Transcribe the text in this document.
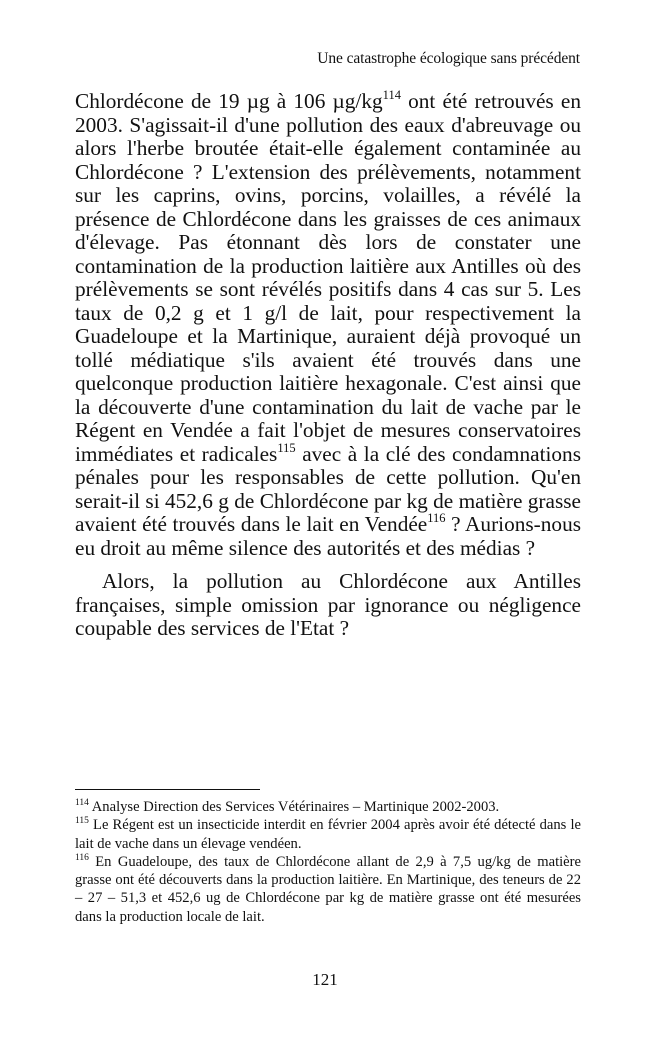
Une catastrophe écologique sans précédent

Chlordécone de 19 µg à 106 $\mu g/kg^{114}$ ont été retrouvés en 2003. S'agissait-il d'une pollution des eaux d'abreuvage ou alors l'herbe broutée était-elle également contaminée au Chlordécone ? L'extension des prélèvements, notamment sur les caprins, ovins, porcins, volailles, a révélé la présence de Chlordécone dans les graisses de ces animaux d'élevage. Pas étonnant dès lors de constater une contamination de la production laitière aux Antilles où des prélèvements se sont révélés positifs dans 4 cas sur 5. Les taux de 0,2 g et 1 g/l de lait, pour respectivement la Guadeloupe et la Martinique, auraient déjà provoqué un tollé médiatique s'ils avaient été trouvés dans une quelconque production laitière hexagonale. C'est ainsi que la découverte d'une contamination du lait de vache par le Régent en Vendée a fait l'objet de mesures conservatoires immédiates et radicales$^{115}$ avec à la clé des condamnations pénales pour les responsables de cette pollution. Qu'en serait-il si 452,6 g de Chlordécone par kg de matière grasse avaient été trouvés dans le lait en Vendée$^{116}$ ? Aurions-nous eu droit au même silence des autorités et des médias ?

Alors, la pollution au Chlordécone aux Antilles françaises, simple omission par ignorance ou négligence coupable des services de l'Etat ?

$^{114}$ Analyse Direction des Services Vétérinaires – Martinique 2002-2003.

$^{115}$ Le Régent est un insecticide interdit en février 2004 après avoir été détecté dans le lait de vache dans un élevage vendéen.

$^{116}$ En Guadeloupe, des taux de Chlordécone allant de 2,9 à 7,5 ug/kg de matière grasse ont été découverts dans la production laitière. En Martinique, des teneurs de 22 – 27 – 51,3 et 452,6 ug de Chlordécone par kg de matière grasse ont été mesurées dans la production locale de lait.

121
